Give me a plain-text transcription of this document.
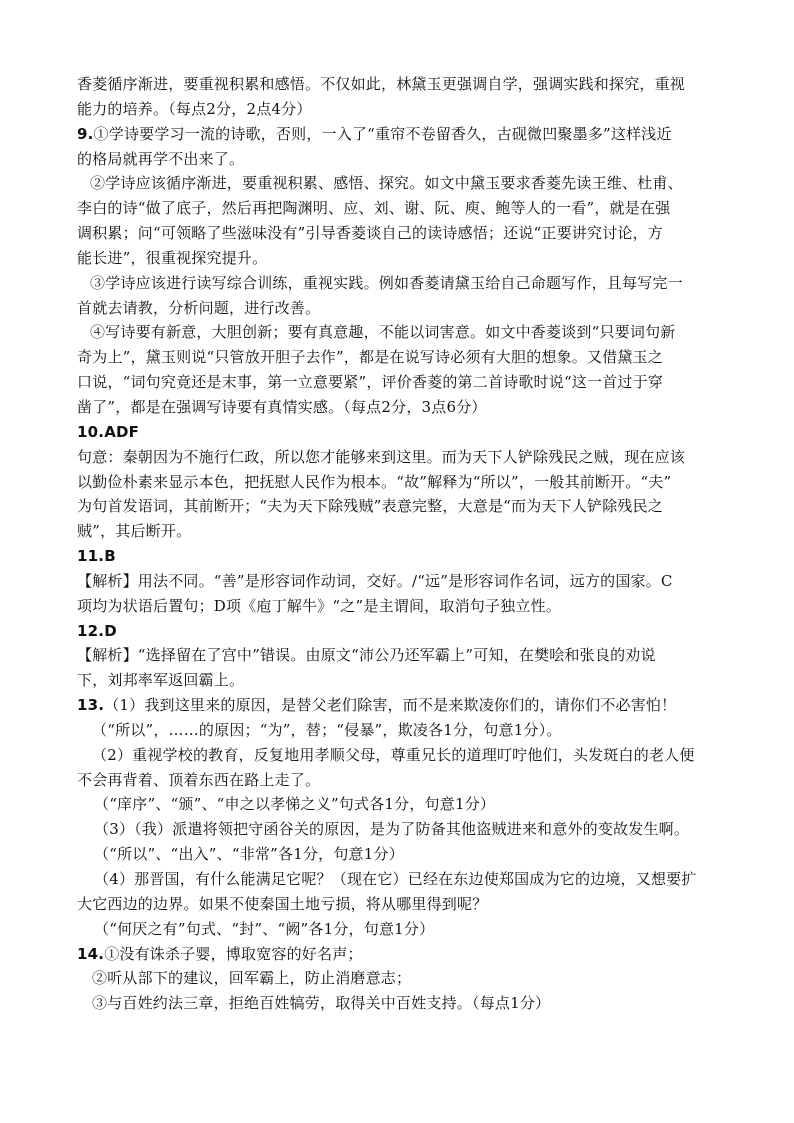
香菱循序渐进，要重视积累和感悟。不仅如此，林黛玉更强调自学，强调实践和探究，重视
能力的培养。（每点2分，2点4分）
9.①学诗要学习一流的诗歌，否则，一入了“重帘不卷留香久，古砚微凹聚墨多”这样浅近
的格局就再学不出来了。
②学诗应该循序渐进，要重视积累、感悟、探究。如文中黛玉要求香菱先读王维、杜甫、
李白的诗“做了底子，然后再把陶渊明、应、刘、谢、阮、庾、鲍等人的一看”，就是在强
调积累；问“可领略了些滋味没有”引导香菱谈自己的读诗感悟；还说“正要讲究讨论，方
能长进”，很重视探究提升。
③学诗应该进行读写综合训练，重视实践。例如香菱请黛玉给自己命题写作，且每写完一
首就去请教，分析问题，进行改善。
④写诗要有新意，大胆创新；要有真意趣，不能以词害意。如文中香菱谈到“只要词句新
奇为上”，黛玉则说“只管放开胆子去作”，都是在说写诗必须有大胆的想象。又借黛玉之
口说，“词句究竟还是末事，第一立意要紧”，评价香菱的第二首诗歌时说“这一首过于穿
凿了”，都是在强调写诗要有真情实感。（每点2分，3点6分）
10.ADF
句意：秦朝因为不施行仁政，所以您才能够来到这里。而为天下人铲除残民之贼，现在应该
以勤俭朴素来显示本色，把抚慰人民作为根本。“故”解释为“所以”，一般其前断开。“夫”
为句首发语词，其前断开；“夫为天下除残贼”表意完整，大意是“而为天下人铲除残民之
贼”，其后断开。
11.B
【解析】用法不同。“善”是形容词作动词，交好。/“远”是形容词作名词，远方的国家。C
项均为状语后置句；D项《庖丁解牛》“之”是主谓间，取消句子独立性。
12.D
【解析】“选择留在了宫中”错误。由原文“沛公乃还军霸上”可知，在樊哙和张良的劝说
下，刘邦率军返回霸上。
13.（1）我到这里来的原因，是替父老们除害，而不是来欺凌你们的，请你们不必害怕！
（“所以”，……的原因；“为”，替；“侵暴”，欺凌各1分，句意1分）。
（2）重视学校的教育，反复地用孝顺父母，尊重兄长的道理叮咛他们，头发斑白的老人便
不会再背着、顶着东西在路上走了。
（“庠序”、“颁”、“申之以孝悌之义”句式各1分，句意1分）
（3）（我）派遣将领把守函谷关的原因，是为了防备其他盗贼进来和意外的变故发生啊。
（“所以”、“出入”、“非常”各1分，句意1分）
（4）那晋国，有什么能满足它呢？（现在它）已经在东边使郑国成为它的边境，又想要扩
大它西边的边界。如果不使秦国土地亏损，将从哪里得到呢？
（“何厌之有”句式、“封”、“阙”各1分，句意1分）
14.①没有诛杀子婴，博取宽容的好名声；
②听从部下的建议，回军霸上，防止消磨意志；
③与百姓约法三章，拒绝百姓犒劳，取得关中百姓支持。（每点1分）
